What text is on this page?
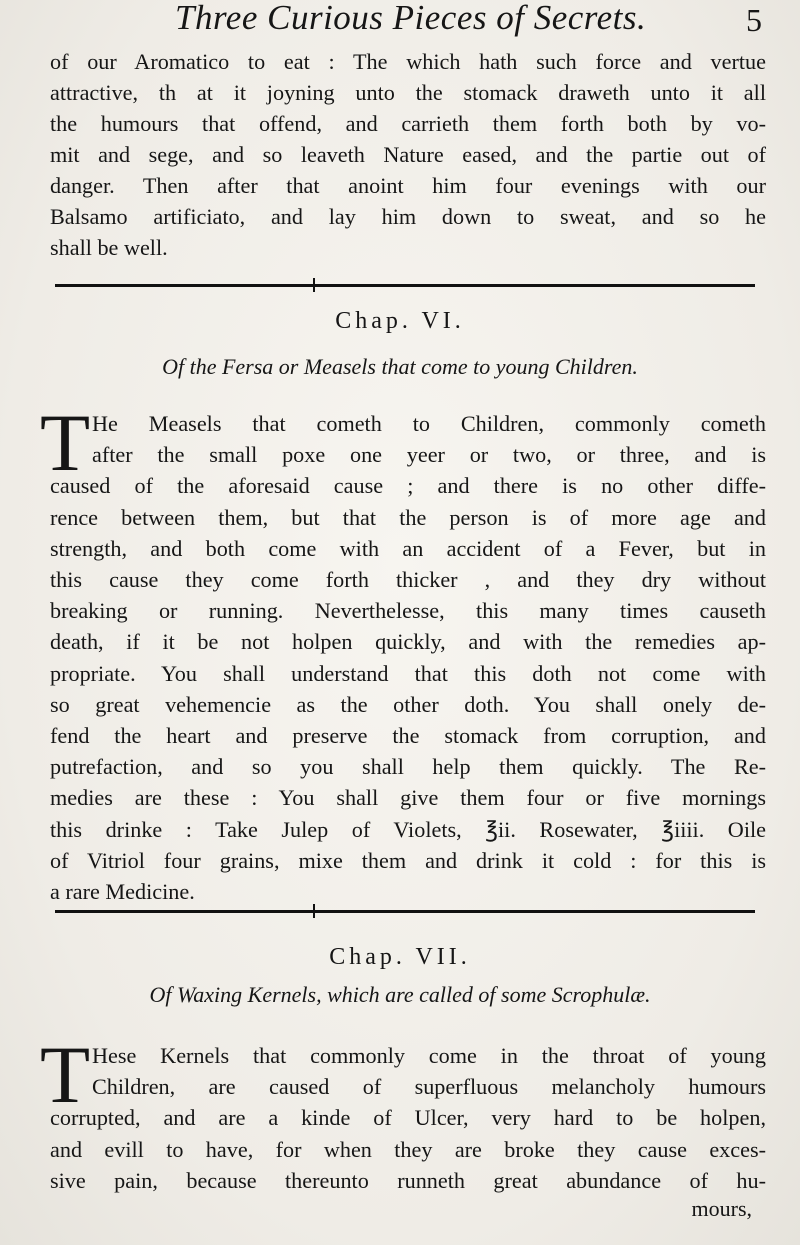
Three Curious Pieces of Secrets.	5
of our Aromatico to eat : The which hath such force and vertue
attractive, th at it joyning unto the stomack draweth unto it all
the humours that offend, and carrieth them forth both by vo-
mit and sege, and so leaveth Nature eased, and the partie out of
danger. Then after that anoint him four evenings with our
Balsamo artificiato, and lay him down to sweat, and so he
shall be well.
Chap. VI.
Of the Fersa or Measels that come to young Children.
T He Measels that cometh to Children, commonly cometh
after the small poxe one yeer or two, or three, and is
caused of the aforesaid cause ; and there is no other diffe-
rence between them, but that the person is of more age and
strength, and both come with an accident of a Fever, but in
this cause they come forth thicker , and they dry without
breaking or running. Neverthelesse, this many times causeth
death, if it be not holpen quickly, and with the remedies ap-
propriate. You shall understand that this doth not come with
so great vehemencie as the other doth. You shall onely de-
fend the heart and preserve the stomack from corruption, and
putrefaction, and so you shall help them quickly. The Re-
medies are these : You shall give them four or five mornings
this drinke : Take Julep of Violets, ℥ii. Rosewater, ℥iiii. Oile
of Vitriol four grains, mixe them and drink it cold : for this is
a rare Medicine.
Chap. VII.
Of Waxing Kernels, which are called of some Scrophulæ.
T Hese Kernels that commonly come in the throat of young
Children, are caused of superfluous melancholy humours
corrupted, and are a kinde of Ulcer, very hard to be holpen,
and evill to have, for when they are broke they cause exces-
sive pain, because thereunto runneth great abundance of hu-
mours,
